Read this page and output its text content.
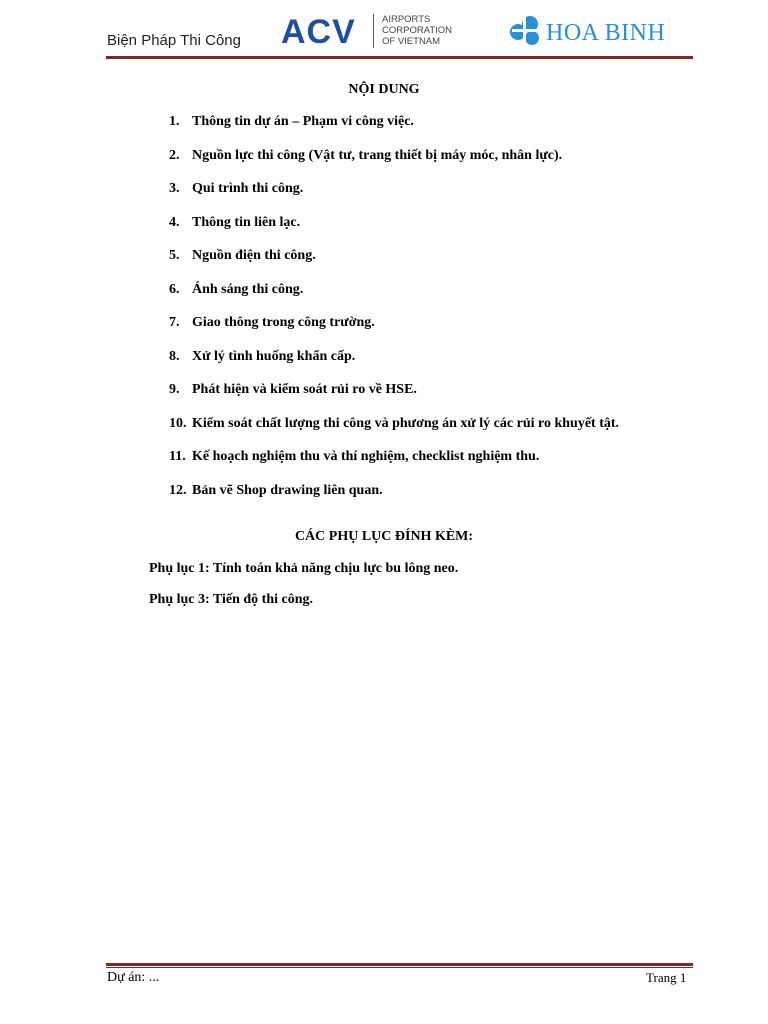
Biện Pháp Thi Công ACV	AIRPORTS
CORPORATION
OF VIETNAM	HOA BINH
NỘI DUNG
1. Thông tin dự án – Phạm vi công việc.
2. Nguồn lực thi công (Vật tư, trang thiết bị máy móc, nhân lực).
3. Qui trình thi công.
4. Thông tin liên lạc.
5. Nguồn điện thi công.
6. Ánh sáng thi công.
7. Giao thông trong công trường.
8. Xử lý tình huống khẩn cấp.
9. Phát hiện và kiểm soát rủi ro về HSE.
10. Kiểm soát chất lượng thi công và phương án xử lý các rủi ro khuyết tật.
11. Kế hoạch nghiệm thu và thí nghiệm, checklist nghiệm thu.
12. Bản vẽ Shop drawing liên quan.
CÁC PHỤ LỤC ĐÍNH KÈM:
Phụ lục 1: Tính toán khả năng chịu lực bu lông neo.
Phụ lục 3: Tiến độ thi công.
Dự án: ...	Trang 1
